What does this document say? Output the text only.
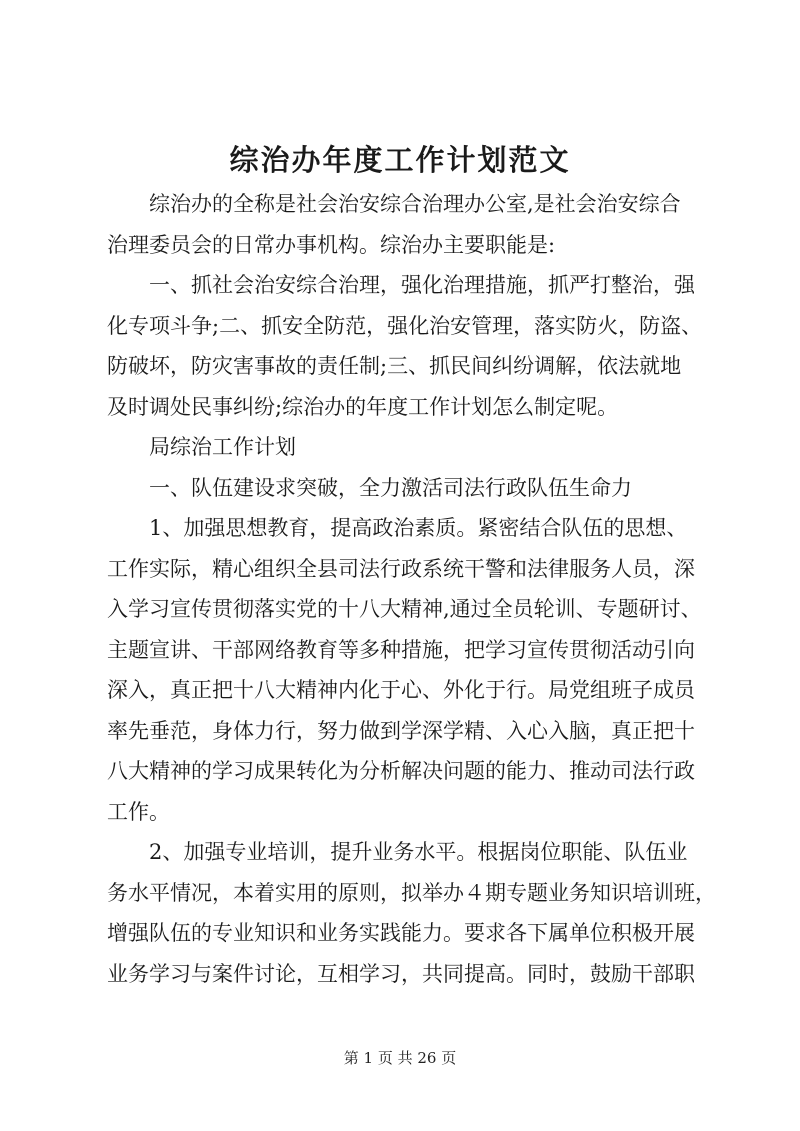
综治办年度工作计划范文
综治办的全称是社会治安综合治理办公室,是社会治安综合
治理委员会的日常办事机构。综治办主要职能是:
一、抓社会治安综合治理，强化治理措施，抓严打整治，强
化专项斗争;二、抓安全防范，强化治安管理，落实防火，防盗、
防破坏，防灾害事故的责任制;三、抓民间纠纷调解，依法就地
及时调处民事纠纷;综治办的年度工作计划怎么制定呢。
局综治工作计划
一、队伍建设求突破，全力激活司法行政队伍生命力
1、加强思想教育，提高政治素质。紧密结合队伍的思想、
工作实际，精心组织全县司法行政系统干警和法律服务人员，深
入学习宣传贯彻落实党的十八大精神,通过全员轮训、专题研讨、
主题宣讲、干部网络教育等多种措施，把学习宣传贯彻活动引向
深入，真正把十八大精神内化于心、外化于行。局党组班子成员
率先垂范，身体力行，努力做到学深学精、入心入脑，真正把十
八大精神的学习成果转化为分析解决问题的能力、推动司法行政
工作。
2、加强专业培训，提升业务水平。根据岗位职能、队伍业
务水平情况，本着实用的原则，拟举办４期专题业务知识培训班，
增强队伍的专业知识和业务实践能力。要求各下属单位积极开展
业务学习与案件讨论，互相学习，共同提高。同时，鼓励干部职
第 1 页 共 26 页
